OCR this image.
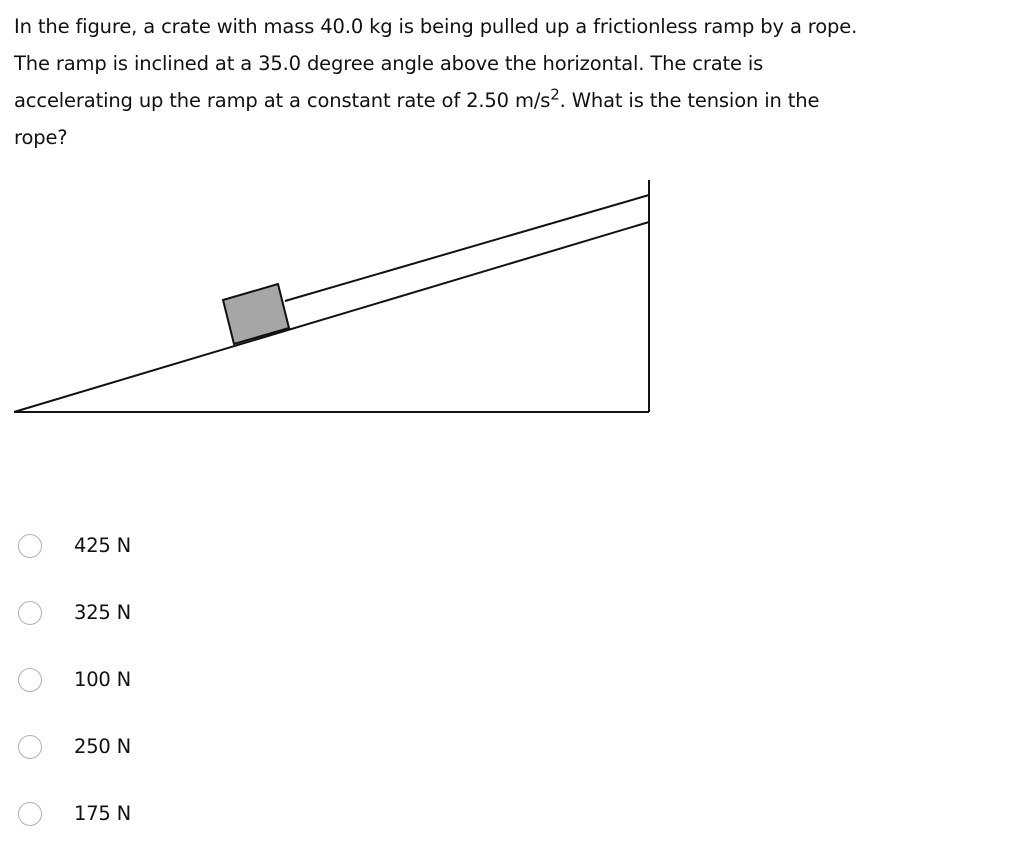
In the figure, a crate with mass 40.0 kg is being pulled up a frictionless ramp by a rope. The ramp is inclined at a 35.0 degree angle above the horizontal. The crate is accelerating up the ramp at a constant rate of 2.50 $m/s^2$. What is the tension in the rope?

425 N
325 N
100 N
250 N
175 N
